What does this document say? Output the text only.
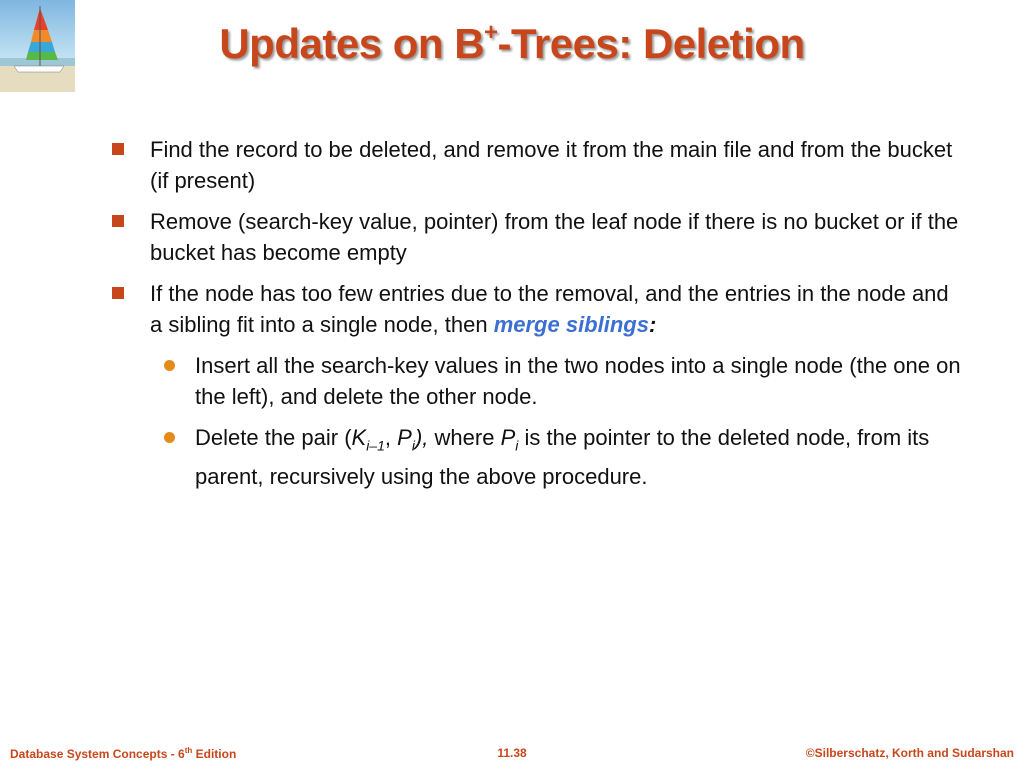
Updates on B+-Trees: Deletion
Find the record to be deleted, and remove it from the main file and from the bucket (if present)
Remove (search-key value, pointer) from the leaf node if there is no bucket or if the bucket has become empty
If the node has too few entries due to the removal, and the entries in the node and a sibling fit into a single node, then merge siblings:
Insert all the search-key values in the two nodes into a single node (the one on the left), and delete the other node.
Delete the pair ($K_{i-1}$, $P_i$), where $P_i$ is the pointer to the deleted node, from its parent, recursively using the above procedure.
Database System Concepts - 6th Edition	11.38	©Silberschatz, Korth and Sudarshan
